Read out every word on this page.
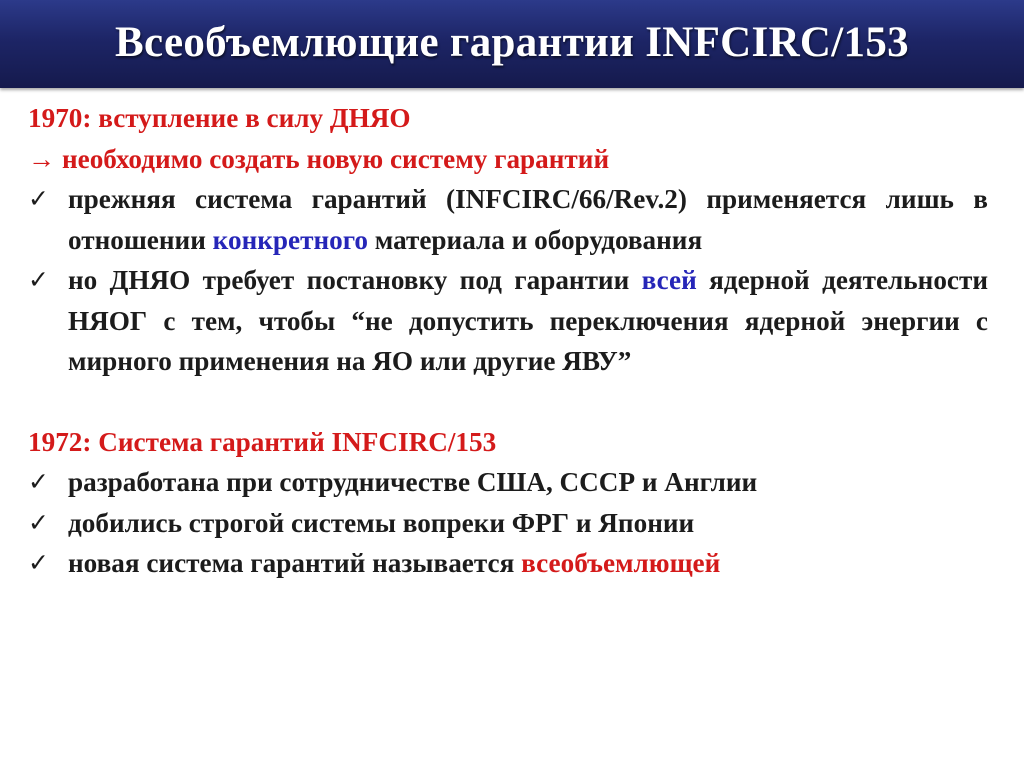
Всеобъемлющие гарантии INFCIRC/153

1970: вступление в силу ДНЯО

→ необходимо создать новую систему гарантий

✓ прежняя система гарантий (INFCIRC/66/Rev.2) применяется лишь в отношении конкретного материала и оборудования
✓ но ДНЯО требует постановку под гарантии всей ядерной деятельности НЯОГ с тем, чтобы “не допустить переключения ядерной энергии с мирного применения на ЯО или другие ЯВУ”

1972: Система гарантий INFCIRC/153

✓ разработана при сотрудничестве США, СССР и Англии
✓ добились строгой системы вопреки ФРГ и Японии
✓ новая система гарантий называется всеобъемлющей
